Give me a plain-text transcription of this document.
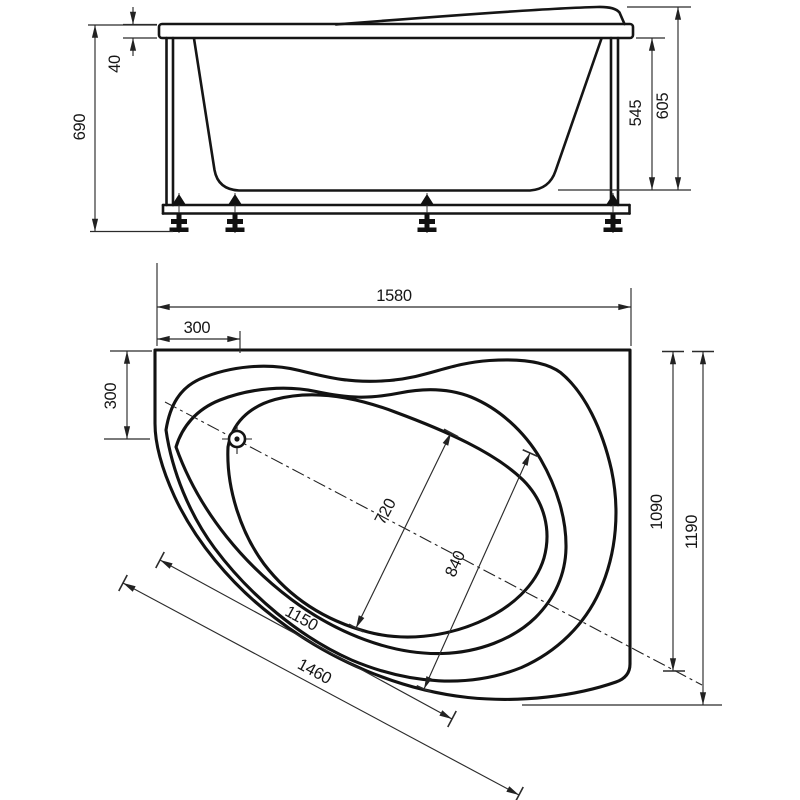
690
40
545 605
1580
300
300
1090
1190
720
840
1150
1460
